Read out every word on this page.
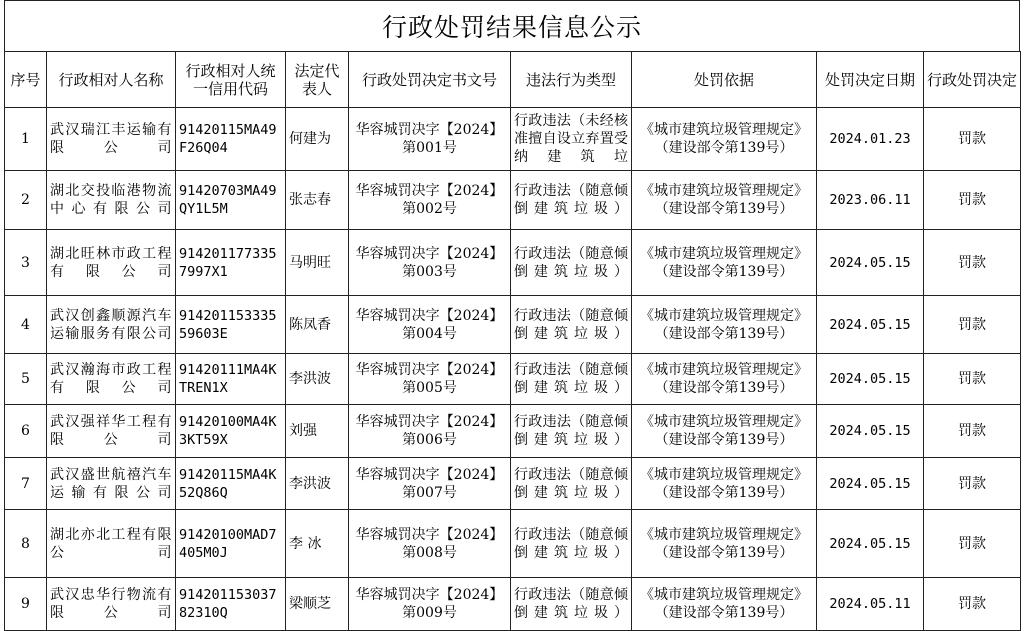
行政处罚结果信息公示
序号	行政相对人名称	行政相对人统一信用代码	法定代表人	行政处罚决定书文号	违法行为类型	处罚依据	处罚决定日期	行政处罚决定
1	武汉瑞江丰运输有限公司	91420115MA49F26Q04	何建为	华容城罚决字【2024】第001号	行政违法（未经核准擅自设立弃置受纳建筑垃	《城市建筑垃圾管理规定》（建设部令第139号）	2024.01.23	罚款
2	湖北交投临港物流中心有限公司	91420703MA49QY1L5M	张志春	华容城罚决字【2024】第002号	行政违法（随意倾倒建筑垃圾）	《城市建筑垃圾管理规定》（建设部令第139号）	2023.06.11	罚款
3	湖北旺林市政工程有限公司	914201177335 7997X1	马明旺	华容城罚决字【2024】第003号	行政违法（随意倾倒建筑垃圾）	《城市建筑垃圾管理规定》（建设部令第139号）	2024.05.15	罚款
4	武汉创鑫顺源汽车运输服务有限公司	91420115333559603E	陈凤香	华容城罚决字【2024】第004号	行政违法（随意倾倒建筑垃圾）	《城市建筑垃圾管理规定》（建设部令第139号）	2024.05.15	罚款
5	武汉瀚海市政工程有限公司	91420111MA4KTREN1X	李洪波	华容城罚决字【2024】第005号	行政违法（随意倾倒建筑垃圾）	《城市建筑垃圾管理规定》（建设部令第139号）	2024.05.15	罚款
6	武汉强祥华工程有限公司	91420100MA4K3KT59X	刘强	华容城罚决字【2024】第006号	行政违法（随意倾倒建筑垃圾）	《城市建筑垃圾管理规定》（建设部令第139号）	2024.05.15	罚款
7	武汉盛世航禧汽车运输有限公司	91420115MA4K52Q86Q	李洪波	华容城罚决字【2024】第007号	行政违法（随意倾倒建筑垃圾）	《城市建筑垃圾管理规定》（建设部令第139号）	2024.05.15	罚款
8	湖北亦北工程有限公司	91420100MAD7405M0J	李 冰	华容城罚决字【2024】第008号	行政违法（随意倾倒建筑垃圾）	《城市建筑垃圾管理规定》（建设部令第139号）	2024.05.15	罚款
9	武汉忠华行物流有限公司	91420115303782310Q	梁顺芝	华容城罚决字【2024】第009号	行政违法（随意倾倒建筑垃圾）	《城市建筑垃圾管理规定》（建设部令第139号）	2024.05.11	罚款
